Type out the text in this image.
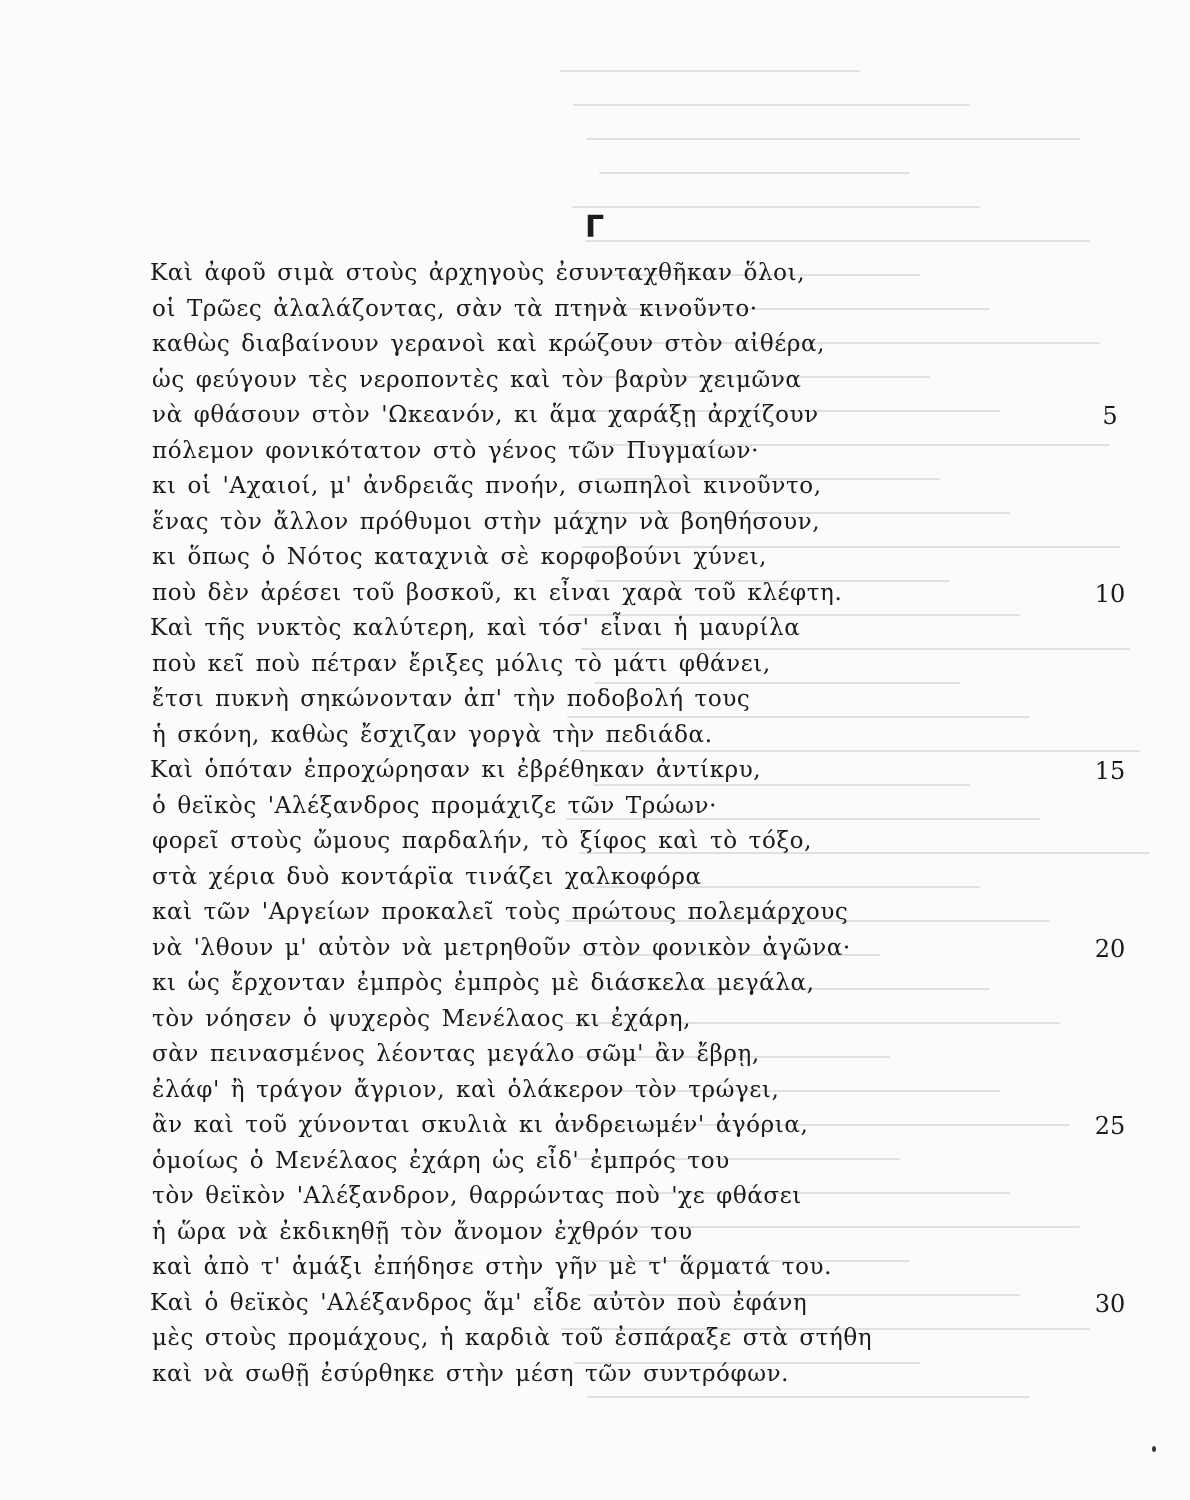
Γ
Καὶ ἀφοῦ σιμὰ στοὺς ἀρχηγοὺς ἐσυνταχθῆκαν ὅλοι,
οἱ Τρῶες ἀλαλάζοντας, σὰν τὰ πτηνὰ κινοῦντο·
καθὼς διαβαίνουν γερανοὶ καὶ κρώζουν στὸν αἰθέρα,
ὡς φεύγουν τὲς νεροποντὲς καὶ τὸν βαρὺν χειμῶνα
νὰ φθάσουν στὸν 'Ωκεανόν, κι ἅμα χαράξῃ ἀρχίζουν	5
πόλεμον φονικότατον στὸ γένος τῶν Πυγμαίων·
κι οἱ 'Αχαιοί, μ' ἀνδρειᾶς πνοήν, σιωπηλοὶ κινοῦντο,
ἕνας τὸν ἄλλον πρόθυμοι στὴν μάχην νὰ βοηθήσουν,
κι ὅπως ὁ Νότος καταχνιὰ σὲ κορφοβούνι χύνει,
ποὺ δὲν ἀρέσει τοῦ βοσκοῦ, κι εἶναι χαρὰ τοῦ κλέφτη.	10
Καὶ τῆς νυκτὸς καλύτερη, καὶ τόσ' εἶναι ἡ μαυρίλα
ποὺ κεῖ ποὺ πέτραν ἔριξες μόλις τὸ μάτι φθάνει,
ἔτσι πυκνὴ σηκώνονταν ἀπ' τὴν ποδοβολή τους
ἡ σκόνη, καθὼς ἔσχιζαν γοργὰ τὴν πεδιάδα.
Καὶ ὁπόταν ἐπροχώρησαν κι ἐβρέθηκαν ἀντίκρυ,	15
ὁ θεϊκὸς 'Αλέξανδρος προμάχιζε τῶν Τρώων·
φορεῖ στοὺς ὤμους παρδαλήν, τὸ ξίφος καὶ τὸ τόξο,
στὰ χέρια δυὸ κοντάρϊα τινάζει χαλκοφόρα
καὶ τῶν 'Αργείων προκαλεῖ τοὺς πρώτους πολεμάρχους
νὰ 'λθουν μ' αὐτὸν νὰ μετρηθοῦν στὸν φονικὸν ἀγῶνα·	20
κι ὡς ἔρχονταν ἐμπρὸς ἐμπρὸς μὲ διάσκελα μεγάλα,
τὸν νόησεν ὁ ψυχερὸς Μενέλαος κι ἐχάρη,
σὰν πεινασμένος λέοντας μεγάλο σῶμ' ἂν ἔβρῃ,
ἐλάφ' ἢ τράγον ἄγριον, καὶ ὁλάκερον τὸν τρώγει,
ἂν καὶ τοῦ χύνονται σκυλιὰ κι ἀνδρειωμέν' ἀγόρια,	25
ὁμοίως ὁ Μενέλαος ἐχάρη ὡς εἶδ' ἐμπρός του
τὸν θεϊκὸν 'Αλέξανδρον, θαρρώντας ποὺ 'χε φθάσει
ἡ ὥρα νὰ ἐκδικηθῇ τὸν ἄνομον ἐχθρόν του
καὶ ἀπὸ τ' ἁμάξι ἐπήδησε στὴν γῆν μὲ τ' ἅρματά του.
Καὶ ὁ θεϊκὸς 'Αλέξανδρος ἅμ' εἶδε αὐτὸν ποὺ ἐφάνη	30
μὲς στοὺς προμάχους, ἡ καρδιὰ τοῦ ἐσπάραξε στὰ στήθη
καὶ νὰ σωθῇ ἐσύρθηκε στὴν μέση τῶν συντρόφων.
